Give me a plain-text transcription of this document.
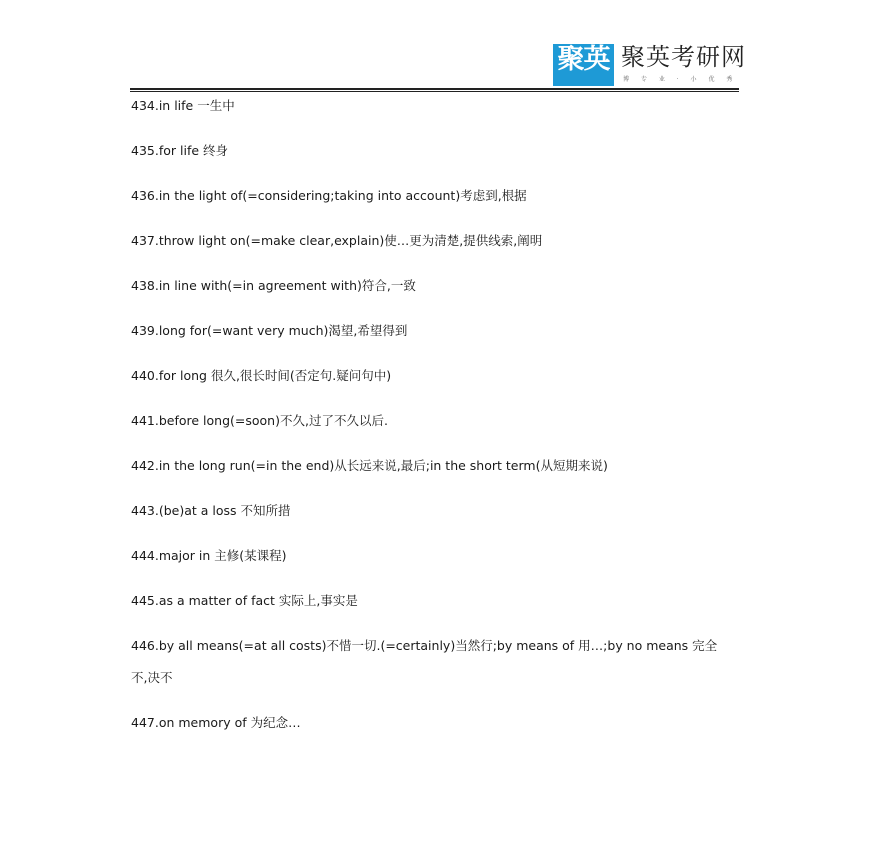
聚英 聚英考研网
博 专 业 · 小 优 秀
434.in life 一生中
435.for life 终身
436.in the light of(=considering;taking into account)考虑到,根据
437.throw light on(=make clear,explain)使…更为清楚,提供线索,阐明
438.in line with(=in agreement with)符合,一致
439.long for(=want very much)渴望,希望得到
440.for long 很久,很长时间(否定句.疑问句中)
441.before long(=soon)不久,过了不久以后.
442.in the long run(=in the end)从长远来说,最后;in the short term(从短期来说)
443.(be)at a loss 不知所措
444.major in 主修(某课程)
445.as a matter of fact 实际上,事实是
446.by all means(=at all costs)不惜一切.(=certainly)当然行;by means of 用…;by no means 完全不,决不
447.on memory of 为纪念…
